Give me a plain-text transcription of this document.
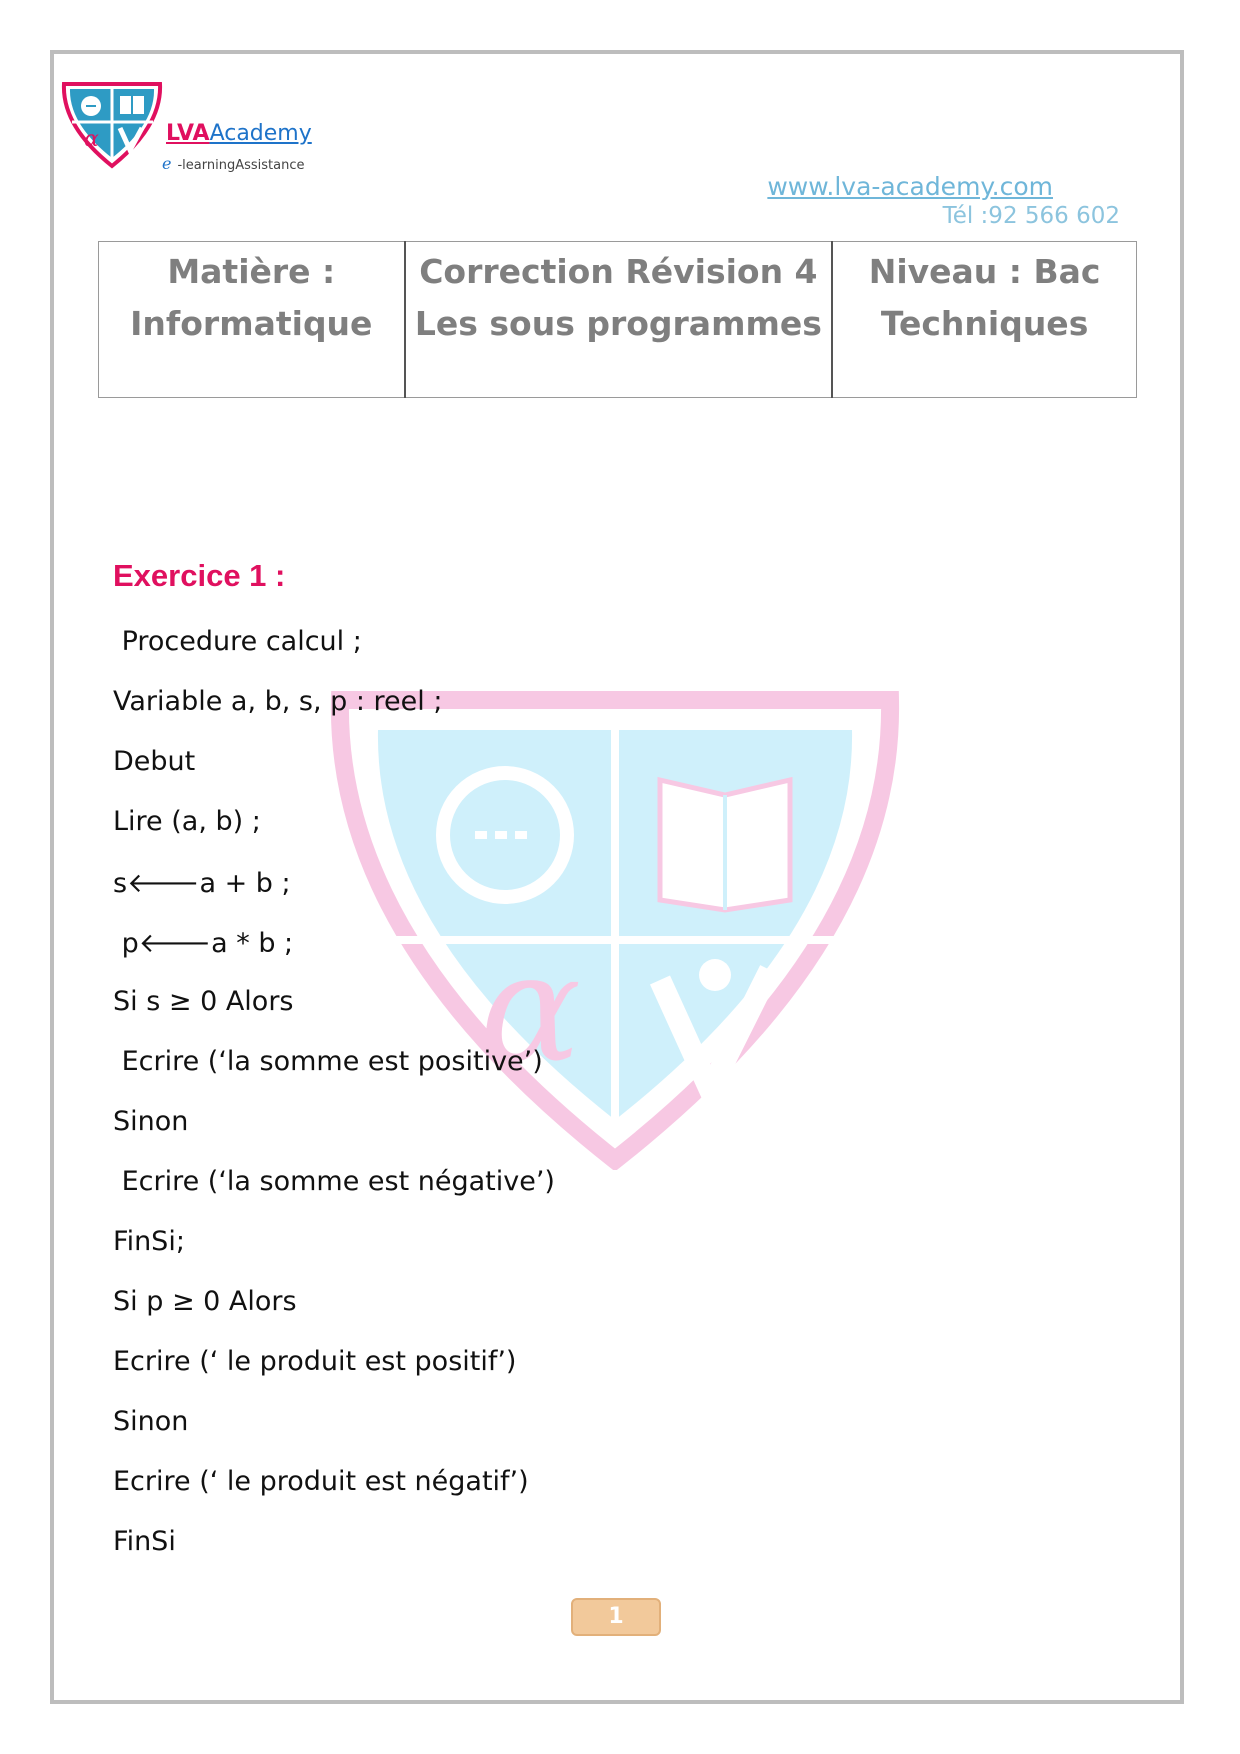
α	LVAAcademy
e -learningAssistance
www.lva-academy.com
Tél :92 566 602
Matière :
Informatique

Correction Révision 4
Les sous programmes

Niveau : Bac
Techniques
α
Exercice 1 :
Procedure calcul ;
Variable a, b, s, p : reel ;
Debut
Lire (a, b) ;
s🡐a + b ;
p🡐a * b ;
Si s ≥ 0 Alors
Ecrire (‘la somme est positive’)
Sinon
Ecrire (‘la somme est négative’)
FinSi;
Si p ≥ 0 Alors
Ecrire (‘ le produit est positif’)
Sinon
Ecrire (‘ le produit est négatif’)
FinSi
1
